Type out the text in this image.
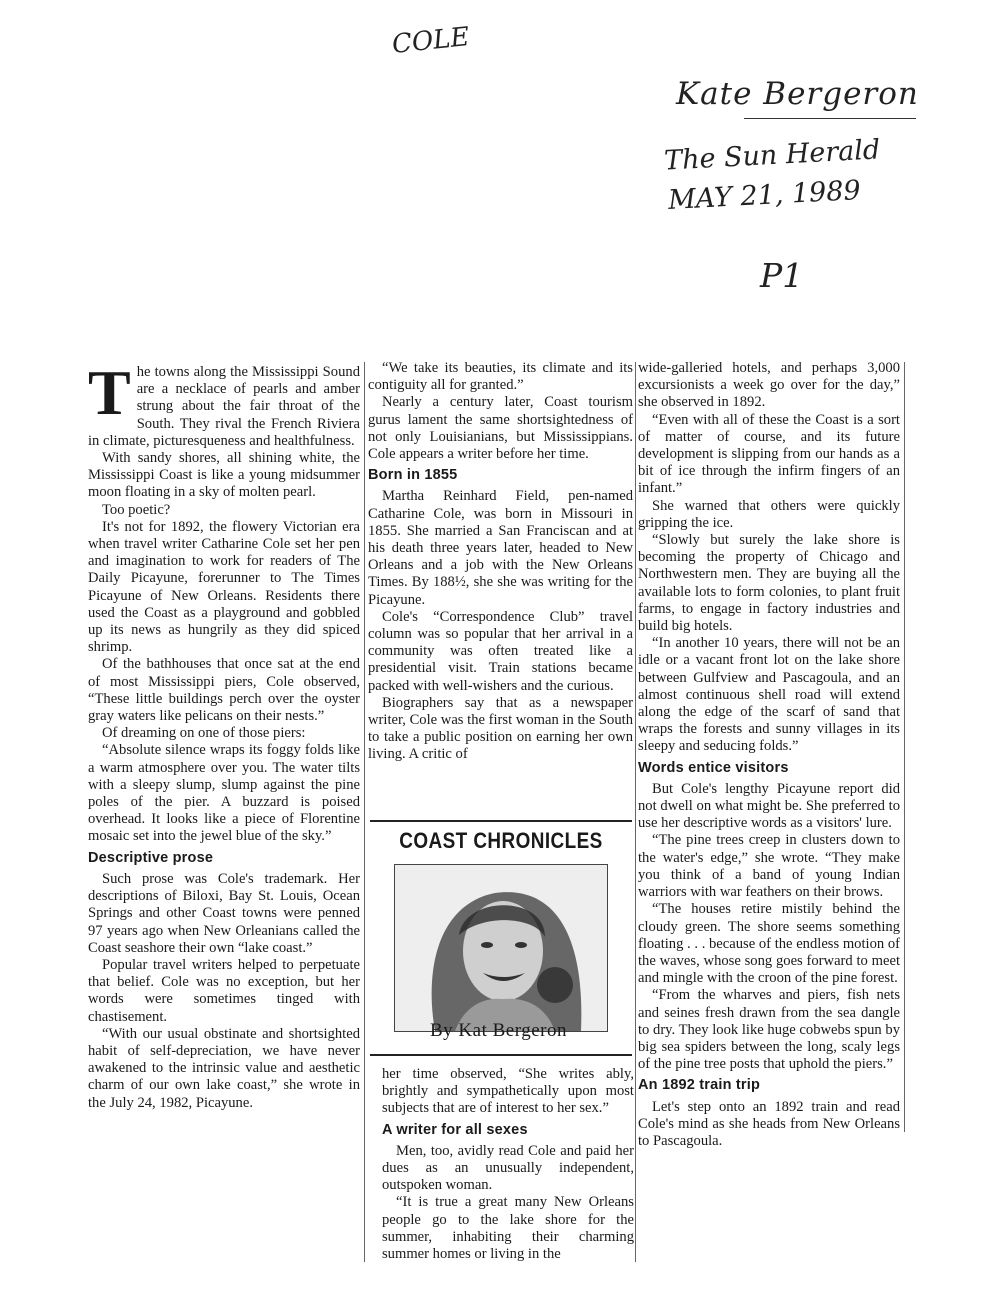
COLE
Kate Bergeron
The Sun Herald
MAY 21, 1989
P1

The towns along the Mississippi Sound are a necklace of pearls and amber strung about the fair throat of the South. They rival the French Riviera in climate, picturesqueness and healthfulness.

With sandy shores, all shining white, the Mississippi Coast is like a young midsummer moon floating in a sky of molten pearl.

Too poetic?

It's not for 1892, the flowery Victorian era when travel writer Catharine Cole set her pen and imagination to work for readers of The Daily Picayune, forerunner to The Times Picayune of New Orleans. Residents there used the Coast as a playground and gobbled up its news as hungrily as they did spiced shrimp.

Of the bathhouses that once sat at the end of most Mississippi piers, Cole observed, “These little buildings perch over the oyster gray waters like pelicans on their nests.”

Of dreaming on one of those piers:

“Absolute silence wraps its foggy folds like a warm atmosphere over you. The water tilts with a sleepy slump, slump against the pine poles of the pier. A buzzard is poised overhead. It looks like a piece of Florentine mosaic set into the jewel blue of the sky.”

Descriptive prose

Such prose was Cole's trademark. Her descriptions of Biloxi, Bay St. Louis, Ocean Springs and other Coast towns were penned 97 years ago when New Orleanians called the Coast seashore their own “lake coast.”

Popular travel writers helped to perpetuate that belief. Cole was no exception, but her words were sometimes tinged with chastisement.

“With our usual obstinate and shortsighted habit of self-depreciation, we have never awakened to the intrinsic value and aesthetic charm of our own lake coast,” she wrote in the July 24, 1982, Picayune.

“We take its beauties, its climate and its contiguity all for granted.”

Nearly a century later, Coast tourism gurus lament the same shortsightedness of not only Louisianians, but Mississippians. Cole appears a writer before her time.

Born in 1855

Martha Reinhard Field, pen-named Catharine Cole, was born in Missouri in 1855. She married a San Franciscan and at his death three years later, headed to New Orleans and a job with the New Orleans Times. By 188½, she she was writing for the Picayune.

Cole's “Correspondence Club” travel column was so popular that her arrival in a community was often treated like a presidential visit. Train stations became packed with well-wishers and the curious.

Biographers say that as a newspaper writer, Cole was the first woman in the South to take a public position on earning her own living. A critic of

COAST CHRONICLES
By Kat Bergeron

her time observed, “She writes ably, brightly and sympathetically upon most subjects that are of interest to her sex.”

A writer for all sexes

Men, too, avidly read Cole and paid her dues as an unusually independent, outspoken woman.

“It is true a great many New Orleans people go to the lake shore for the summer, inhabiting their charming summer homes or living in the

wide-galleried hotels, and perhaps 3,000 excursionists a week go over for the day,” she observed in 1892.

“Even with all of these the Coast is a sort of matter of course, and its future development is slipping from our hands as a bit of ice through the infirm fingers of an infant.”

She warned that others were quickly gripping the ice.

“Slowly but surely the lake shore is becoming the property of Chicago and Northwestern men. They are buying all the available lots to form colonies, to plant fruit farms, to engage in factory industries and build big hotels.

“In another 10 years, there will not be an idle or a vacant front lot on the lake shore between Gulfview and Pascagoula, and an almost continuous shell road will extend along the edge of the scarf of sand that wraps the forests and sunny villages in its sleepy and seducing folds.”

Words entice visitors

But Cole's lengthy Picayune report did not dwell on what might be. She preferred to use her descriptive words as a visitors' lure.

“The pine trees creep in clusters down to the water's edge,” she wrote. “They make you think of a band of young Indian warriors with war feathers on their brows.

“The houses retire mistily behind the cloudy green. The shore seems something floating . . . because of the endless motion of the waves, whose song goes forward to meet and mingle with the croon of the pine forest.

“From the wharves and piers, fish nets and seines fresh drawn from the sea dangle to dry. They look like huge cobwebs spun by big sea spiders between the long, scaly legs of the pine tree posts that uphold the piers.”

An 1892 train trip

Let's step onto an 1892 train and read Cole's mind as she heads from New Orleans to Pascagoula.
